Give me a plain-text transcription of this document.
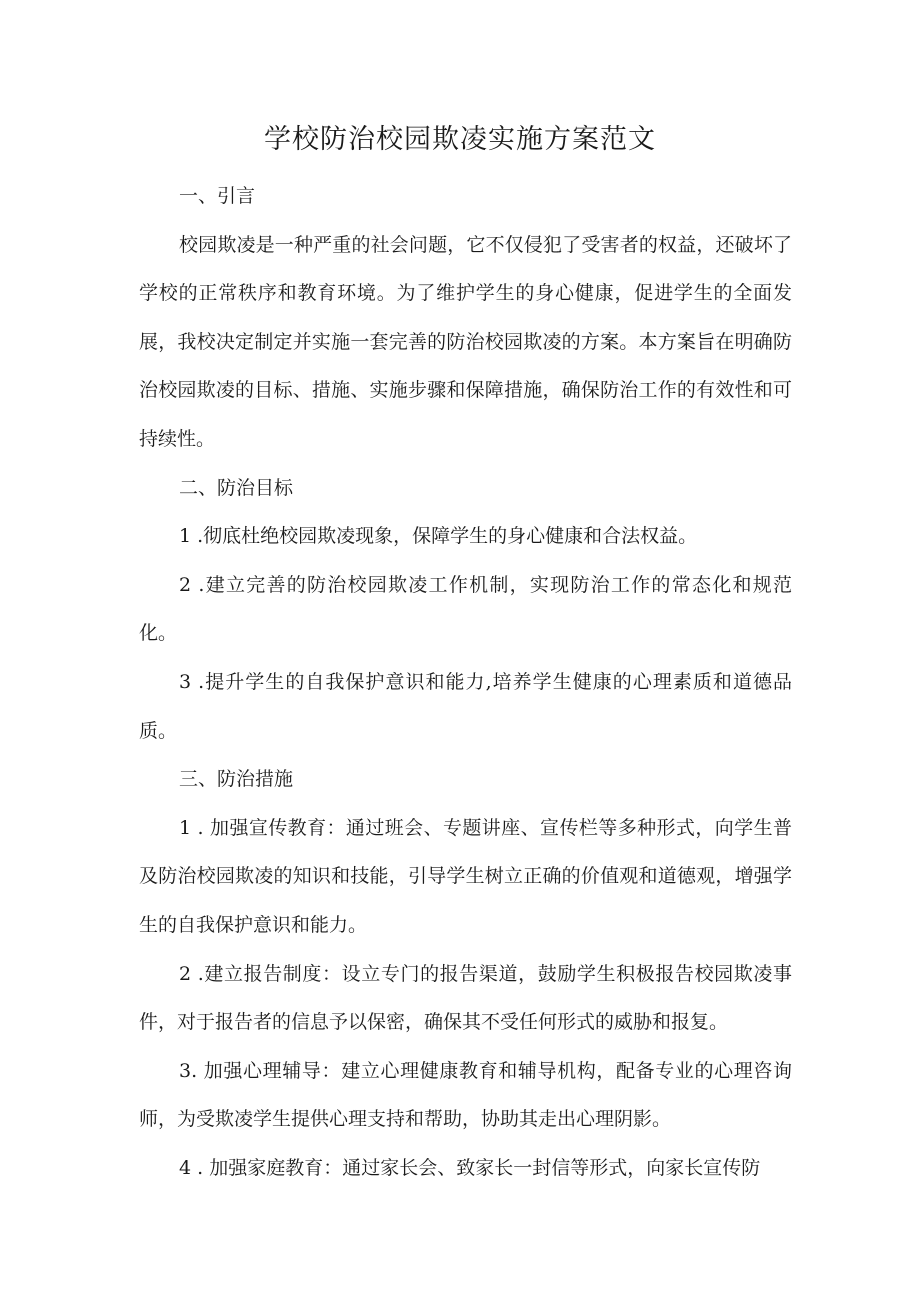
学校防治校园欺凌实施方案范文

一、引言

校园欺凌是一种严重的社会问题，它不仅侵犯了受害者的权益，还破坏了学校的正常秩序和教育环境。为了维护学生的身心健康，促进学生的全面发展，我校决定制定并实施一套完善的防治校园欺凌的方案。本方案旨在明确防治校园欺凌的目标、措施、实施步骤和保障措施，确保防治工作的有效性和可持续性。

二、防治目标

1 .彻底杜绝校园欺凌现象，保障学生的身心健康和合法权益。

2 .建立完善的防治校园欺凌工作机制，实现防治工作的常态化和规范化。

3 .提升学生的自我保护意识和能力,培养学生健康的心理素质和道德品质。

三、防治措施

1 . 加强宣传教育：通过班会、专题讲座、宣传栏等多种形式，向学生普及防治校园欺凌的知识和技能，引导学生树立正确的价值观和道德观，增强学生的自我保护意识和能力。

2 .建立报告制度：设立专门的报告渠道，鼓励学生积极报告校园欺凌事件，对于报告者的信息予以保密，确保其不受任何形式的威胁和报复。

3. 加强心理辅导：建立心理健康教育和辅导机构，配备专业的心理咨询师，为受欺凌学生提供心理支持和帮助，协助其走出心理阴影。

4 . 加强家庭教育：通过家长会、致家长一封信等形式，向家长宣传防
